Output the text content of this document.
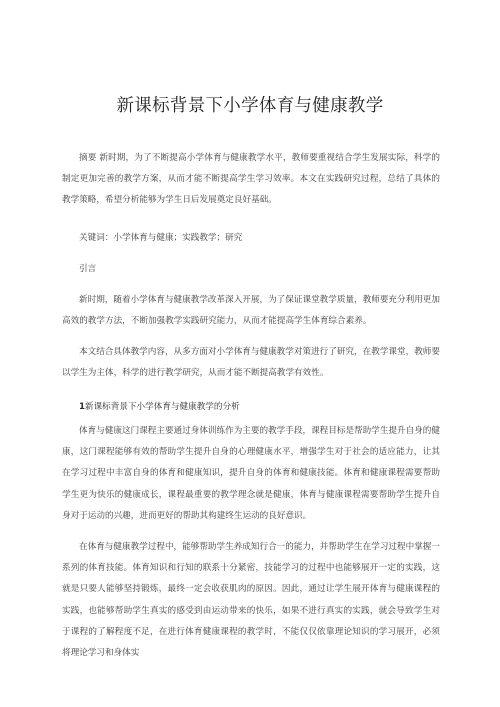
新课标背景下小学体育与健康教学

摘要 新时期，为了不断提高小学体育与健康教学水平，教师要重视结合学生发展实际，科学的制定更加完善的教学方案，从而才能不断提高学生学习效率。本文在实践研究过程，总结了具体的教学策略，希望分析能够为学生日后发展奠定良好基础。

关键词：小学体育与健康；实践教学；研究

引言

新时期，随着小学体育与健康教学改革深入开展，为了保证课堂教学质量，教师要充分利用更加高效的教学方法，不断加强教学实践研究能力，从而才能提高学生体育综合素养。

本文结合具体教学内容，从多方面对小学体育与健康教学对策进行了研究，在教学课堂，教师要以学生为主体，科学的进行教学研究，从而才能不断提高教学有效性。

1新课标背景下小学体育与健康教学的分析

体育与健康这门课程主要通过身体训练作为主要的教学手段，课程目标是帮助学生提升自身的健康，这门课程能够有效的帮助学生提升自身的心理健康水平，增强学生对于社会的适应能力，让其在学习过程中丰富自身的体育和健康知识，提升自身的体育和健康技能。体育和健康课程需要帮助学生更为快乐的健康成长，课程最重要的教学理念就是健康，体育与健康课程需要帮助学生提升自身对于运动的兴趣，进而更好的帮助其构建终生运动的良好意识。

在体育与健康教学过程中，能够帮助学生养成知行合一的能力，并帮助学生在学习过程中掌握一系列的体育技能。体育知识和行知的联系十分紧密，技能学习的过程中也能够展开一定的实践，这就是只要人能够坚持锻炼，最终一定会收获肌肉的原因。因此，通过让学生展开体育与健康课程的实践，也能够帮助学生真实的感受到由运动带来的快乐，如果不进行真实的实践，就会导致学生对于课程的了解程度不足，在进行体育健康课程的教学时，不能仅仅依靠理论知识的学习展开，必须将理论学习和身体实
